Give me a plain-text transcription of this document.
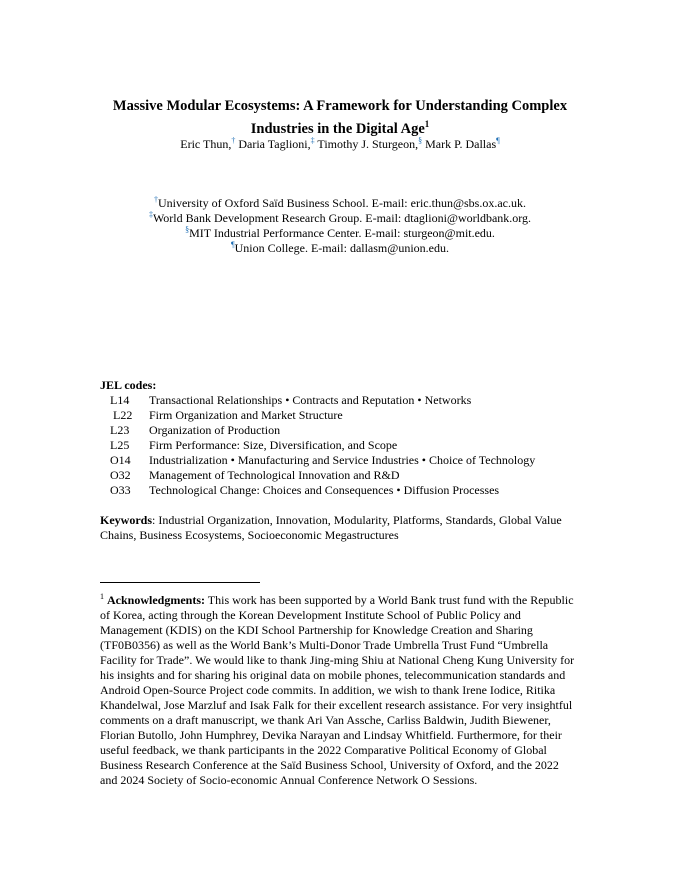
Massive Modular Ecosystems: A Framework for Understanding Complex
Industries in the Digital Age$^1$
Eric Thun,† Daria Taglioni,‡ Timothy J. Sturgeon,§ Mark P. Dallas¶
†University of Oxford Saïd Business School. E-mail: eric.thun@sbs.ox.ac.uk.
‡World Bank Development Research Group. E-mail: dtaglioni@worldbank.org.
§MIT Industrial Performance Center. E-mail: sturgeon@mit.edu.
¶Union College. E-mail: dallasm@union.edu.
JEL codes:
L14	Transactional Relationships • Contracts and Reputation • Networks
L22	Firm Organization and Market Structure
L23	Organization of Production
L25	Firm Performance: Size, Diversification, and Scope
O14	Industrialization • Manufacturing and Service Industries • Choice of Technology
O32	Management of Technological Innovation and R&D
O33	Technological Change: Choices and Consequences • Diffusion Processes
Keywords: Industrial Organization, Innovation, Modularity, Platforms, Standards, Global Value Chains, Business Ecosystems, Socioeconomic Megastructures
$^1$ Acknowledgments: This work has been supported by a World Bank trust fund with the Republic of Korea, acting through the Korean Development Institute School of Public Policy and Management (KDIS) on the KDI School Partnership for Knowledge Creation and Sharing (TF0B0356) as well as the World Bank’s Multi-Donor Trade Umbrella Trust Fund “Umbrella Facility for Trade”. We would like to thank Jing-ming Shiu at National Cheng Kung University for his insights and for sharing his original data on mobile phones, telecommunication standards and Android Open-Source Project code commits. In addition, we wish to thank Irene Iodice, Ritika Khandelwal, Jose Marzluf and Isak Falk for their excellent research assistance. For very insightful comments on a draft manuscript, we thank Ari Van Assche, Carliss Baldwin, Judith Biewener, Florian Butollo, John Humphrey, Devika Narayan and Lindsay Whitfield. Furthermore, for their useful feedback, we thank participants in the 2022 Comparative Political Economy of Global Business Research Conference at the Saïd Business School, University of Oxford, and the 2022 and 2024 Society of Socio-economic Annual Conference Network O Sessions.
